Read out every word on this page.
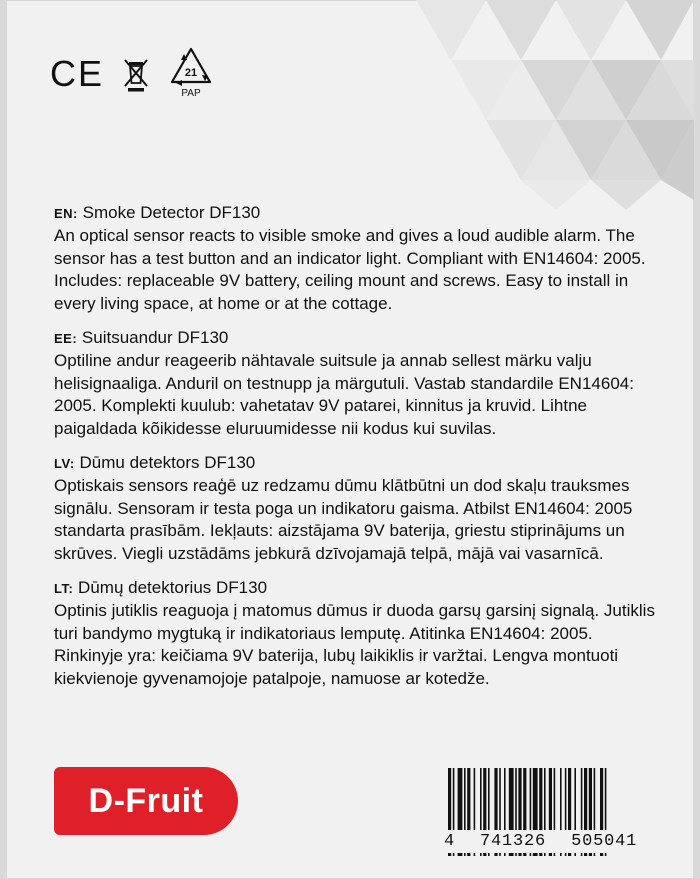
CE	21
PAP
EN: Smoke Detector DF130

An optical sensor reacts to visible smoke and gives a loud audible alarm. The sensor has a test button and an indicator light. Compliant with EN14604: 2005. Includes: replaceable 9V battery, ceiling mount and screws. Easy to install in every living space, at home or at the cottage.

EE: Suitsuandur DF130

Optiline andur reageerib nähtavale suitsule ja annab sellest märku valju helisignaaliga. Anduril on testnupp ja märgutuli. Vastab standardile EN14604: 2005. Komplekti kuulub: vahetatav 9V patarei, kinnitus ja kruvid. Lihtne paigaldada kõikidesse eluruumidesse nii kodus kui suvilas.

LV: Dūmu detektors DF130

Optiskais sensors reaģē uz redzamu dūmu klātbūtni un dod skaļu trauksmes signālu. Sensoram ir testa poga un indikatoru gaisma. Atbilst EN14604: 2005 standarta prasībām. Iekļauts: aizstājama 9V baterija, griestu stiprinājums un skrūves. Viegli uzstādāms jebkurā dzīvojamajā telpā, mājā vai vasarnīcā.

LT: Dūmų detektorius DF130

Optinis jutiklis reaguoja į matomus dūmus ir duoda garsų garsinį signalą. Jutiklis turi bandymo mygtuką ir indikatoriaus lemputę. Atitinka EN14604: 2005. Rinkinyje yra: keičiama 9V baterija, lubų laikiklis ir varžtai. Lengva montuoti kiekvienoje gyvenamojoje patalpoje, namuose ar kotedže.

D-Fruit
4 741326 505041
